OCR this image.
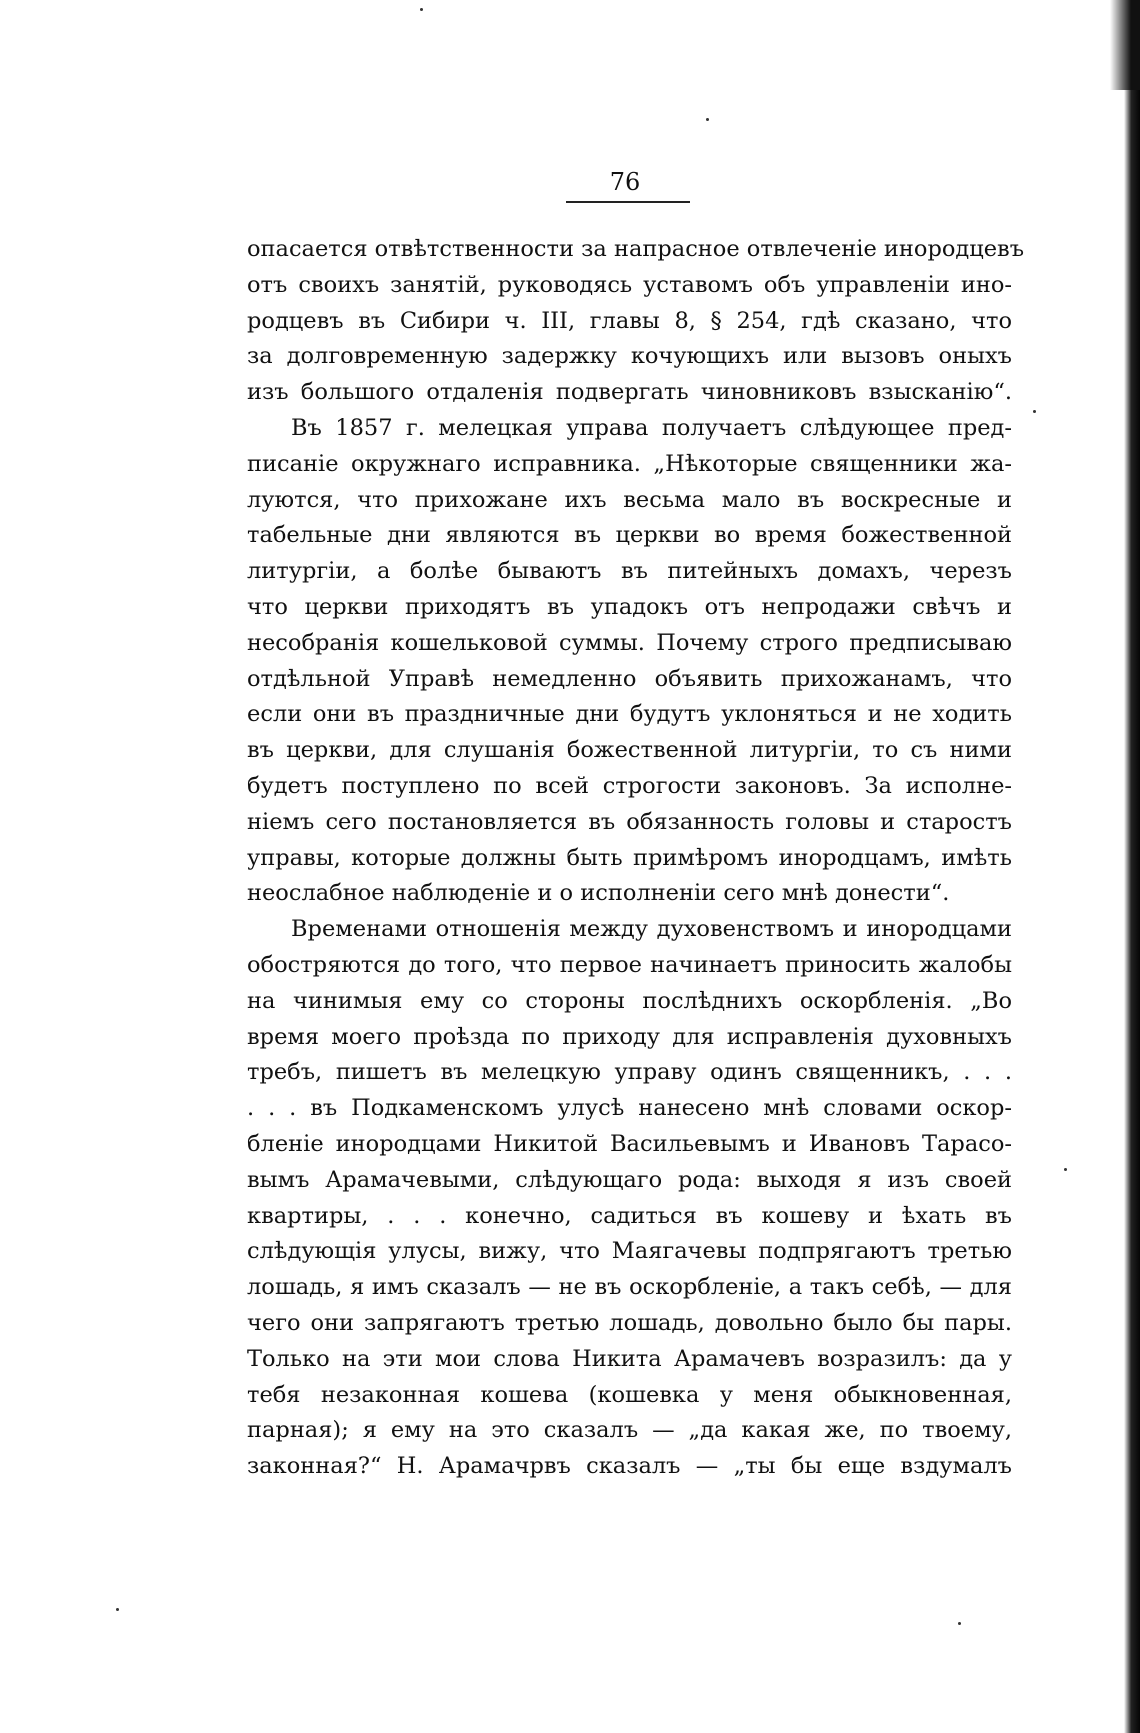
76
опасается отвѣтственности за напрасное отвлеченіе инородцевъ
отъ своихъ занятій, руководясь уставомъ объ управленіи ино-
родцевъ въ Сибири ч. III, главы 8, § 254, гдѣ сказано, что
за долговременную задержку кочующихъ или вызовъ оныхъ
изъ большого отдаленія подвергать чиновниковъ взысканію“.
Въ 1857 г. мелецкая управа получаетъ слѣдующее пред-
писаніе окружнаго исправника. „Нѣкоторые священники жа-
луются, что прихожане ихъ весьма мало въ воскресные и
табельные дни являются въ церкви во время божественной
литургіи, а болѣе бываютъ въ питейныхъ домахъ, черезъ
что церкви приходятъ въ упадокъ отъ непродажи свѣчъ и
несобранія кошельковой суммы. Почему строго предписываю
отдѣльной Управѣ немедленно объявить прихожанамъ, что
если они въ праздничные дни будутъ уклоняться и не ходить
въ церкви, для слушанія божественной литургіи, то съ ними
будетъ поступлено по всей строгости законовъ. За исполне-
ніемъ сего постановляется въ обязанность головы и старостъ
управы, которые должны быть примѣромъ инородцамъ, имѣть
неослабное наблюденіе и о исполненіи сего мнѣ донести“.
Временами отношенія между духовенствомъ и инородцами
обостряются до того, что первое начинаетъ приносить жалобы
на чинимыя ему со стороны послѣднихъ оскорбленія. „Во
время моего проѣзда по приходу для исправленія духовныхъ
требъ, пишетъ въ мелецкую управу одинъ священникъ, . . .
. . . въ Подкаменскомъ улусѣ нанесено мнѣ словами оскор-
бленіе инородцами Никитой Васильевымъ и Ивановъ Тарасо-
вымъ Арамачевыми, слѣдующаго рода: выходя я изъ своей
квартиры, . . . конечно, садиться въ кошеву и ѣхать въ
слѣдующія улусы, вижу, что Маягачевы подпрягаютъ третью
лошадь, я имъ сказалъ — не въ оскорбленіе, а такъ себѣ, — для
чего они запрягаютъ третью лошадь, довольно было бы пары.
Только на эти мои слова Никита Арамачевъ возразилъ: да у
тебя незаконная кошева (кошевка у меня обыкновенная,
парная); я ему на это сказалъ — „да какая же, по твоему,
законная?“ Н. Арамачрвъ сказалъ — „ты бы еще вздумалъ
